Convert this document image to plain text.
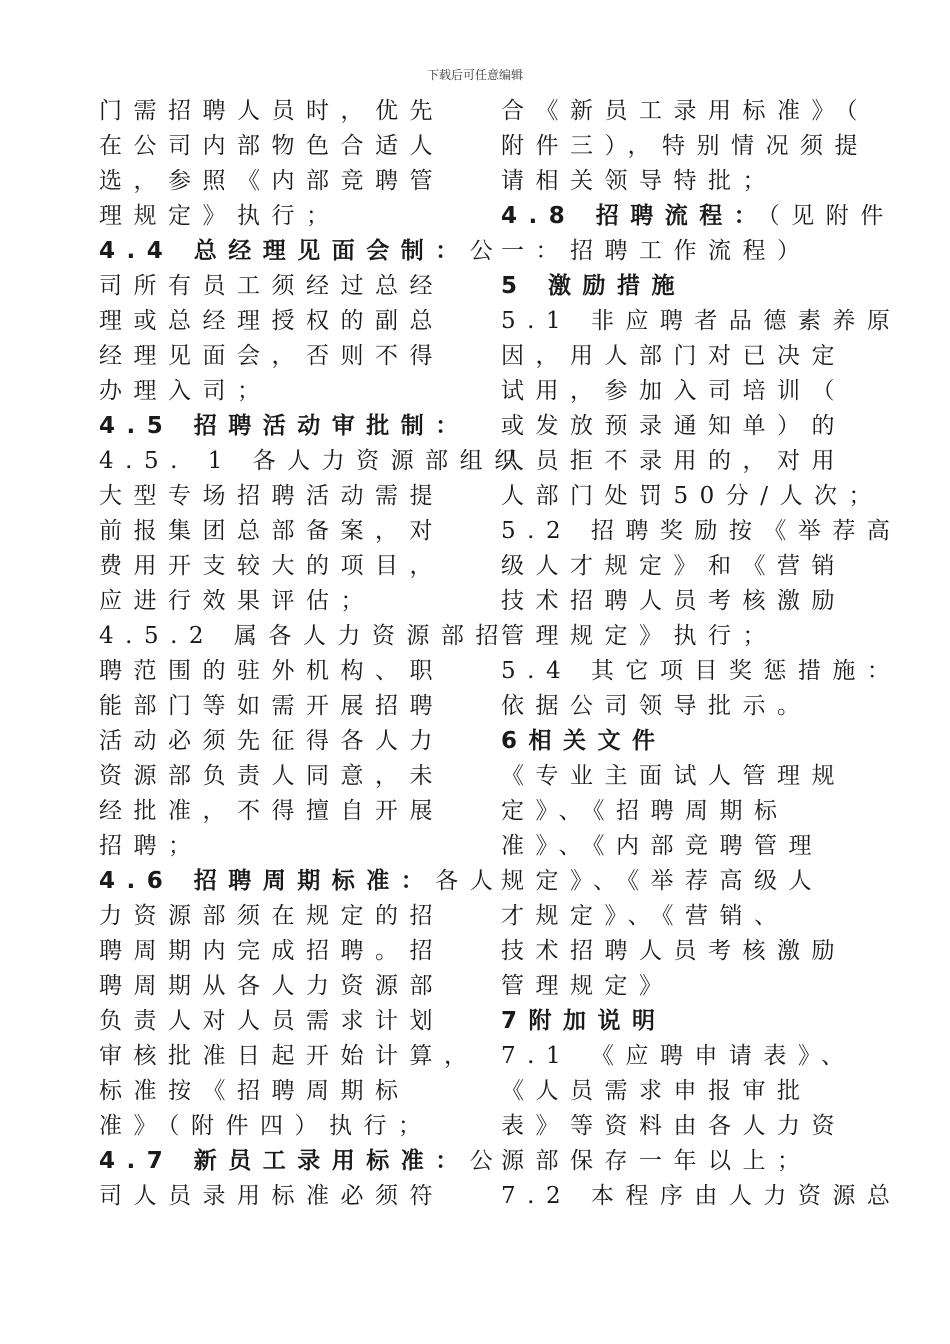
下载后可任意编辑
门需招聘人员时，优先
在公司内部物色合适人
选，参照《内部竞聘管
理规定》执行；
4.4 总经理见面会制：公
司所有员工须经过总经
理或总经理授权的副总
经理见面会，否则不得
办理入司；
4.5 招聘活动审批制：
4.5. 1 各人力资源部组织
大型专场招聘活动需提
前报集团总部备案，对
费用开支较大的项目，
应进行效果评估；
4.5.2 属各人力资源部招
聘范围的驻外机构、职
能部门等如需开展招聘
活动必须先征得各人力
资源部负责人同意，未
经批准，不得擅自开展
招聘；
4.6 招聘周期标准：各人
力资源部须在规定的招
聘周期内完成招聘。招
聘周期从各人力资源部
负责人对人员需求计划
审核批准日起开始计算，
标准按《招聘周期标
准》（附件四）执行；
4.7 新员工录用标准：公
司人员录用标准必须符
合《新员工录用标准》（
附件三），特别情况须提
请相关领导特批；
4.8 招聘流程：（见附件
一：招聘工作流程）
5 激励措施
5.1 非应聘者品德素养原
因，用人部门对已决定
试用，参加入司培训（
或发放预录通知单）的
人员拒不录用的，对用
人部门处罚50分/人次；
5.2 招聘奖励按《举荐高
级人才规定》和《营销
技术招聘人员考核激励
管理规定》执行；
5.4 其它项目奖惩措施：
依据公司领导批示。
6相关文件
《专业主面试人管理规
定》、《招聘周期标
准》、《内部竞聘管理
规定》、《举荐高级人
才规定》、《营销、
技术招聘人员考核激励
管理规定》
7附加说明
7.1 《应聘申请表》、
《人员需求申报审批
表》等资料由各人力资
源部保存一年以上；
7.2 本程序由人力资源总
